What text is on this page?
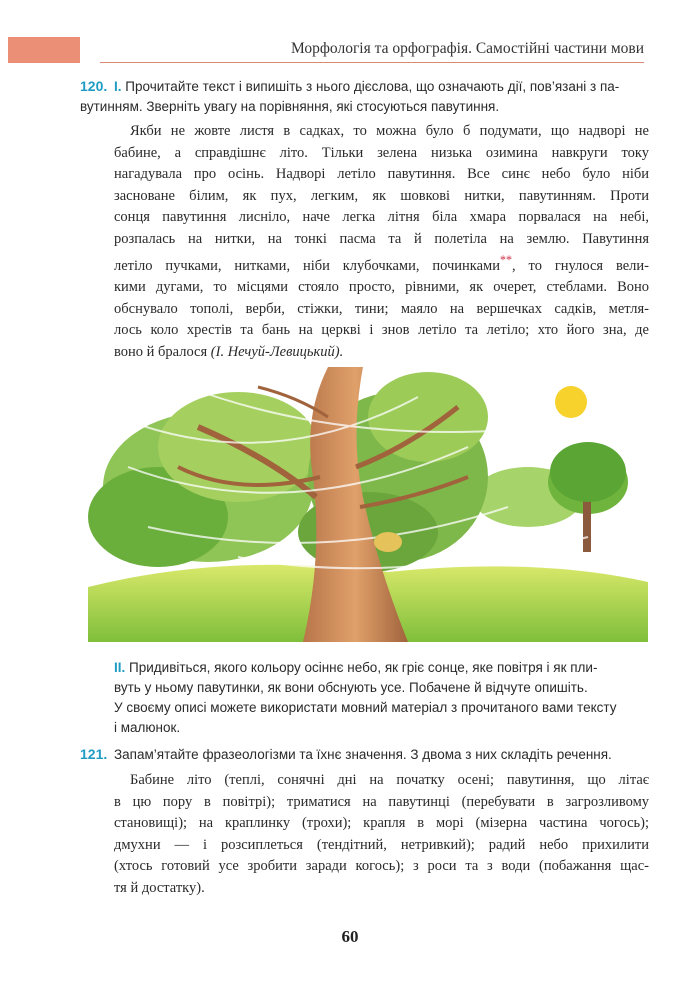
Морфологія та орфографія. Самостійні частини мови
120. І. Прочитайте текст і випишіть з нього дієслова, що означають дії, пов’язані з па-
вутинням. Зверніть увагу на порівняння, які стосуються павутиння.
Якби не жовте листя в садках, то можна було б подумати, що надворі не
бабине, а справдішнє літо. Тільки зелена низька озимина навкруги току
нагадувала про осінь. Надворі летіло павутиння. Все синє небо було ніби
засноване білим, як пух, легким, як шовкові нитки, павутинням. Проти
сонця павутиння лисніло, наче легка літня біла хмара порвалася на небі,
розпалась на нитки, на тонкі пасма та й полетіла на землю. Павутиння
летіло пучками, нитками, ніби клубочками, починками**, то гнулося вели-
кими дугами, то місцями стояло просто, рівними, як очерет, стеблами. Воно
обснувало тополі, верби, стіжки, тини; маяло на вершечках садків, метля-
лось коло хрестів та бань на церкві і знов летіло та летіло; хто його зна, де
воно й бралося (І. Нечуй-Левицький).
ІІ. Придивіться, якого кольору осіннє небо, як гріє сонце, яке повітря і як пли-
вуть у ньому павутинки, як вони обснують усе. Побачене й відчуте опишіть.
У своєму описі можете використати мовний матеріал з прочитаного вами тексту
і малюнок.
121. Запам’ятайте фразеологізми та їхнє значення. З двома з них складіть речення.
Бабине літо (теплі, сонячні дні на початку осені; павутиння, що літає
в цю пору в повітрі); триматися на павутинці (перебувати в загрозливому
становищі); на краплинку (трохи); крапля в морі (мізерна частина чогось);
дмухни — і розсиплеться (тендітний, нетривкий); радий небо прихилити
(хтось готовий усе зробити заради когось); з роси та з води (побажання щас-
тя й достатку).
60
